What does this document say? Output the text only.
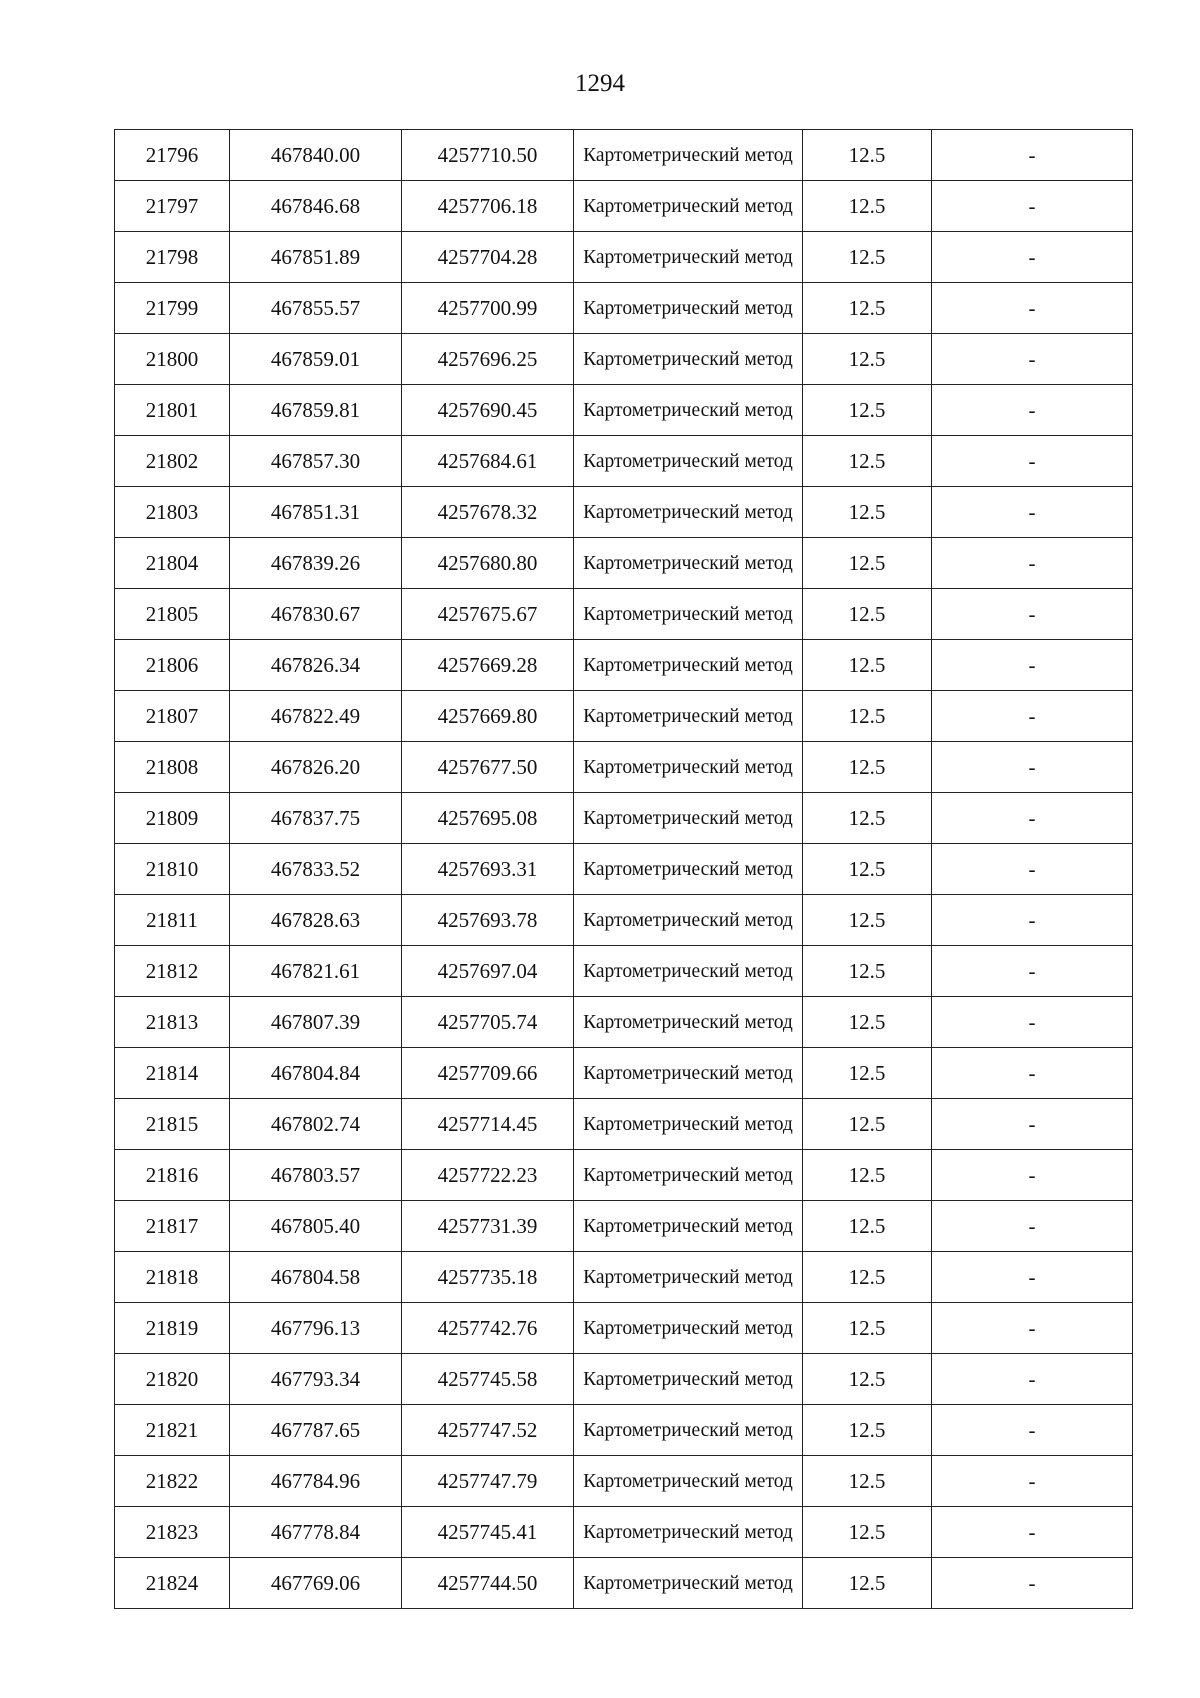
1294
21796	467840.00	4257710.50	Картометрический метод	12.5	-
21797	467846.68	4257706.18	Картометрический метод	12.5	-
21798	467851.89	4257704.28	Картометрический метод	12.5	-
21799	467855.57	4257700.99	Картометрический метод	12.5	-
21800	467859.01	4257696.25	Картометрический метод	12.5	-
21801	467859.81	4257690.45	Картометрический метод	12.5	-
21802	467857.30	4257684.61	Картометрический метод	12.5	-
21803	467851.31	4257678.32	Картометрический метод	12.5	-
21804	467839.26	4257680.80	Картометрический метод	12.5	-
21805	467830.67	4257675.67	Картометрический метод	12.5	-
21806	467826.34	4257669.28	Картометрический метод	12.5	-
21807	467822.49	4257669.80	Картометрический метод	12.5	-
21808	467826.20	4257677.50	Картометрический метод	12.5	-
21809	467837.75	4257695.08	Картометрический метод	12.5	-
21810	467833.52	4257693.31	Картометрический метод	12.5	-
21811	467828.63	4257693.78	Картометрический метод	12.5	-
21812	467821.61	4257697.04	Картометрический метод	12.5	-
21813	467807.39	4257705.74	Картометрический метод	12.5	-
21814	467804.84	4257709.66	Картометрический метод	12.5	-
21815	467802.74	4257714.45	Картометрический метод	12.5	-
21816	467803.57	4257722.23	Картометрический метод	12.5	-
21817	467805.40	4257731.39	Картометрический метод	12.5	-
21818	467804.58	4257735.18	Картометрический метод	12.5	-
21819	467796.13	4257742.76	Картометрический метод	12.5	-
21820	467793.34	4257745.58	Картометрический метод	12.5	-
21821	467787.65	4257747.52	Картометрический метод	12.5	-
21822	467784.96	4257747.79	Картометрический метод	12.5	-
21823	467778.84	4257745.41	Картометрический метод	12.5	-
21824	467769.06	4257744.50	Картометрический метод	12.5	-
